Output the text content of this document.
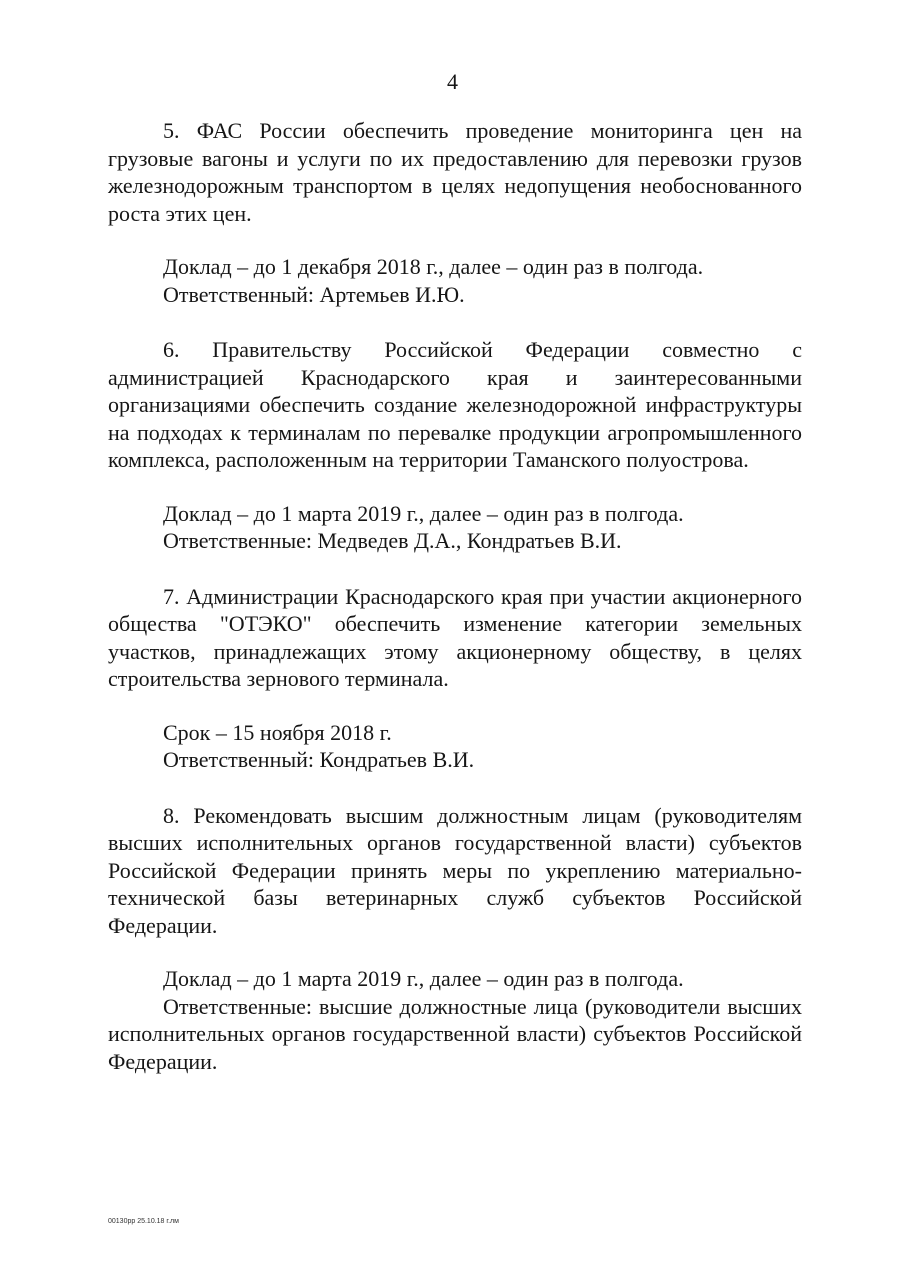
4

5. ФАС России обеспечить проведение мониторинга цен на грузовые вагоны и услуги по их предоставлению для перевозки грузов железнодорожным транспортом в целях недопущения необоснованного роста этих цен.

Доклад – до 1 декабря 2018 г., далее – один раз в полгода.

Ответственный: Артемьев И.Ю.

6. Правительству Российской Федерации совместно с администрацией Краснодарского края и заинтересованными организациями обеспечить создание железнодорожной инфраструктуры на подходах к терминалам по перевалке продукции агропромышленного комплекса, расположенным на территории Таманского полуострова.

Доклад – до 1 марта 2019 г., далее – один раз в полгода.

Ответственные: Медведев Д.А., Кондратьев В.И.

7. Администрации Краснодарского края при участии акционерного общества "ОТЭКО" обеспечить изменение категории земельных участков, принадлежащих этому акционерному обществу, в целях строительства зернового терминала.

Срок – 15 ноября 2018 г.

Ответственный: Кондратьев В.И.

8. Рекомендовать высшим должностным лицам (руководителям высших исполнительных органов государственной власти) субъектов Российской Федерации принять меры по укреплению материально-технической базы ветеринарных служб субъектов Российской Федерации.

Доклад – до 1 марта 2019 г., далее – один раз в полгода.

Ответственные: высшие должностные лица (руководители высших исполнительных органов государственной власти) субъектов Российской Федерации.

00130рр 25.10.18 г.лм
